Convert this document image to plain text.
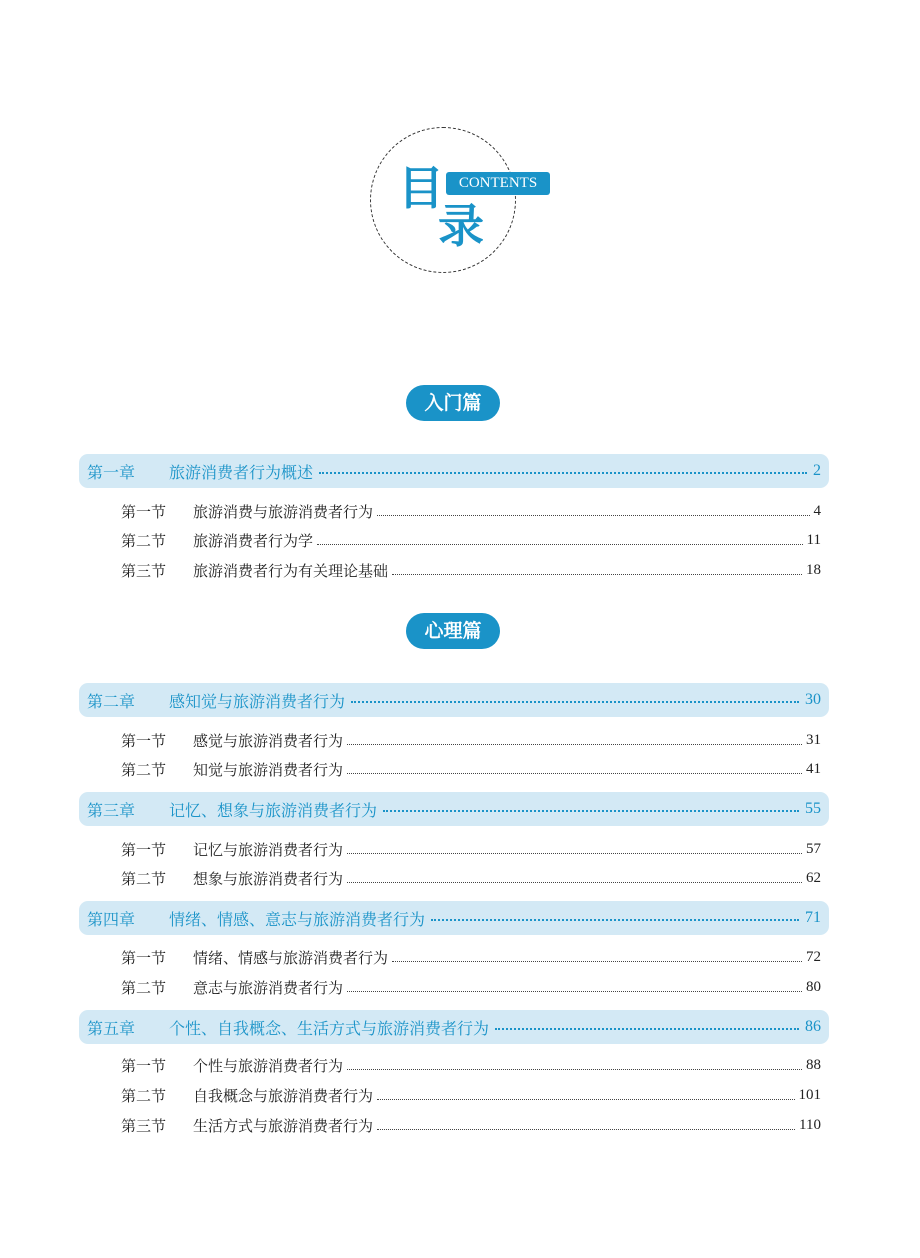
目
录
CONTENTS
入门篇
第一章	旅游消费者行为概述	2
第一节	旅游消费与旅游消费者行为	4
第二节	旅游消费者行为学	11
第三节	旅游消费者行为有关理论基础	18
心理篇
第二章	感知觉与旅游消费者行为	30
第一节	感觉与旅游消费者行为	31
第二节	知觉与旅游消费者行为	41
第三章	记忆、想象与旅游消费者行为	55
第一节	记忆与旅游消费者行为	57
第二节	想象与旅游消费者行为	62
第四章	情绪、情感、意志与旅游消费者行为	71
第一节	情绪、情感与旅游消费者行为	72
第二节	意志与旅游消费者行为	80
第五章	个性、自我概念、生活方式与旅游消费者行为	86
第一节	个性与旅游消费者行为	88
第二节	自我概念与旅游消费者行为	101
第三节	生活方式与旅游消费者行为	110
